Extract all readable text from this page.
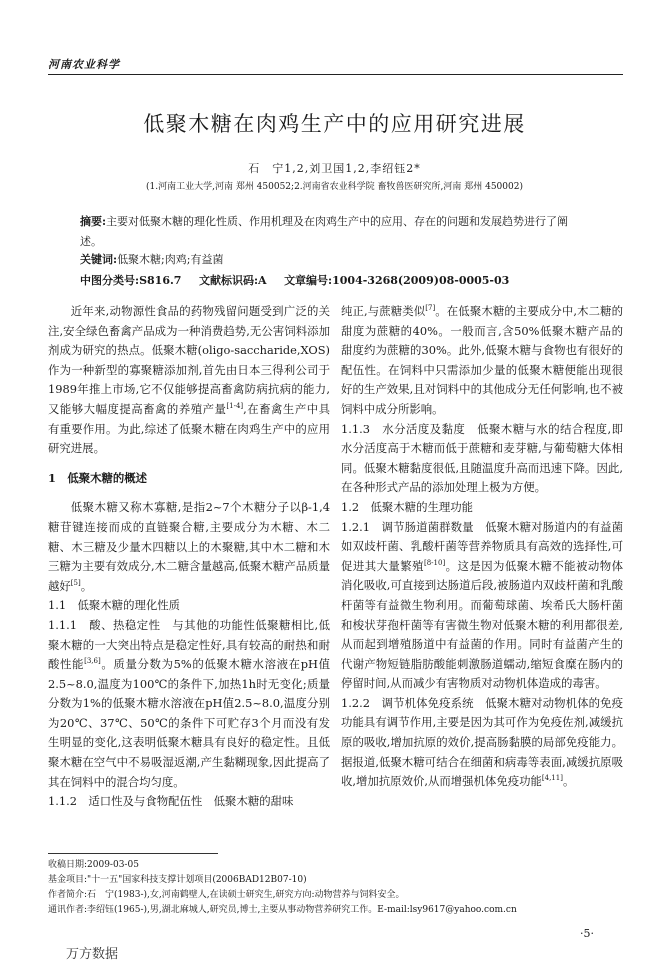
河南农业科学
低聚木糖在肉鸡生产中的应用研究进展
石　宁1,2,刘卫国1,2,李绍钰2*
(1.河南工业大学,河南 郑州 450052;2.河南省农业科学院 畜牧兽医研究所,河南 郑州 450002)
摘要:主要对低聚木糖的理化性质、作用机理及在肉鸡生产中的应用、存在的问题和发展趋势进行了阐述。
关键词:低聚木糖;肉鸡;有益菌
中图分类号:S816.7 文献标识码:A 文章编号:1004-3268(2009)08-0005-03

近年来,动物源性食品的药物残留问题受到广泛的关注,安全绿色畜禽产品成为一种消费趋势,无公害饲料添加剂成为研究的热点。低聚木糖(oligo-saccharide,XOS)作为一种新型的寡聚糖添加剂,首先由日本三得利公司于1989年推上市场,它不仅能够提高畜禽防病抗病的能力,又能够大幅度提高畜禽的养殖产量[1-4],在畜禽生产中具有重要作用。为此,综述了低聚木糖在肉鸡生产中的应用研究进展。

1　低聚木糖的概述

低聚木糖又称木寡糖,是指2~7个木糖分子以β-1,4糖苷键连接而成的直链聚合糖,主要成分为木糖、木二糖、木三糖及少量木四糖以上的木聚糖,其中木二糖和木三糖为主要有效成分,木二糖含量越高,低聚木糖产品质量越好[5]。

1.1　低聚木糖的理化性质

1.1.1　酸、热稳定性　与其他的功能性低聚糖相比,低聚木糖的一大突出特点是稳定性好,具有较高的耐热和耐酸性能[3,6]。质量分数为5%的低聚木糖水溶液在pH值2.5~8.0,温度为100℃的条件下,加热1h时无变化;质量分数为1%的低聚木糖水溶液在pH值2.5~8.0,温度分别为20℃、37℃、50℃的条件下可贮存3个月而没有发生明显的变化,这表明低聚木糖具有良好的稳定性。且低聚木糖在空气中不易吸湿返潮,产生黏糊现象,因此提高了其在饲料中的混合均匀度。

1.1.2　适口性及与食物配伍性　低聚木糖的甜味

纯正,与蔗糖类似[7]。在低聚木糖的主要成分中,木二糖的甜度为蔗糖的40%。一般而言,含50%低聚木糖产品的甜度约为蔗糖的30%。此外,低聚木糖与食物也有很好的配伍性。在饲料中只需添加少量的低聚木糖便能出现很好的生产效果,且对饲料中的其他成分无任何影响,也不被饲料中成分所影响。

1.1.3　水分活度及黏度　低聚木糖与水的结合程度,即水分活度高于木糖而低于蔗糖和麦芽糖,与葡萄糖大体相同。低聚木糖黏度很低,且随温度升高而迅速下降。因此,在各种形式产品的添加处理上极为方便。

1.2　低聚木糖的生理功能

1.2.1　调节肠道菌群数量　低聚木糖对肠道内的有益菌如双歧杆菌、乳酸杆菌等营养物质具有高效的选择性,可促进其大量繁殖[8-10]。这是因为低聚木糖不能被动物体消化吸收,可直接到达肠道后段,被肠道内双歧杆菌和乳酸杆菌等有益微生物利用。而葡萄球菌、埃希氏大肠杆菌和梭状芽孢杆菌等有害微生物对低聚木糖的利用都很差,从而起到增殖肠道中有益菌的作用。同时有益菌产生的代谢产物短链脂肪酸能刺激肠道蠕动,缩短食糜在肠内的停留时间,从而减少有害物质对动物机体造成的毒害。

1.2.2　调节机体免疫系统　低聚木糖对动物机体的免疫功能具有调节作用,主要是因为其可作为免疫佐剂,减缓抗原的吸收,增加抗原的效价,提高肠黏膜的局部免疫能力。据报道,低聚木糖可结合在细菌和病毒等表面,减缓抗原吸收,增加抗原效价,从而增强机体免疫功能[4,11]。

收稿日期:2009-03-05
基金项目:"十一五"国家科技支撑计划项目(2006BAD12B07-10)
作者简介:石　宁(1983-),女,河南鹤壁人,在读硕士研究生,研究方向:动物营养与饲料安全。
通讯作者:李绍钰(1965-),男,湖北麻城人,研究员,博士,主要从事动物营养研究工作。E-mail:lsy9617@yahoo.com.cn
·5·
万方数据
